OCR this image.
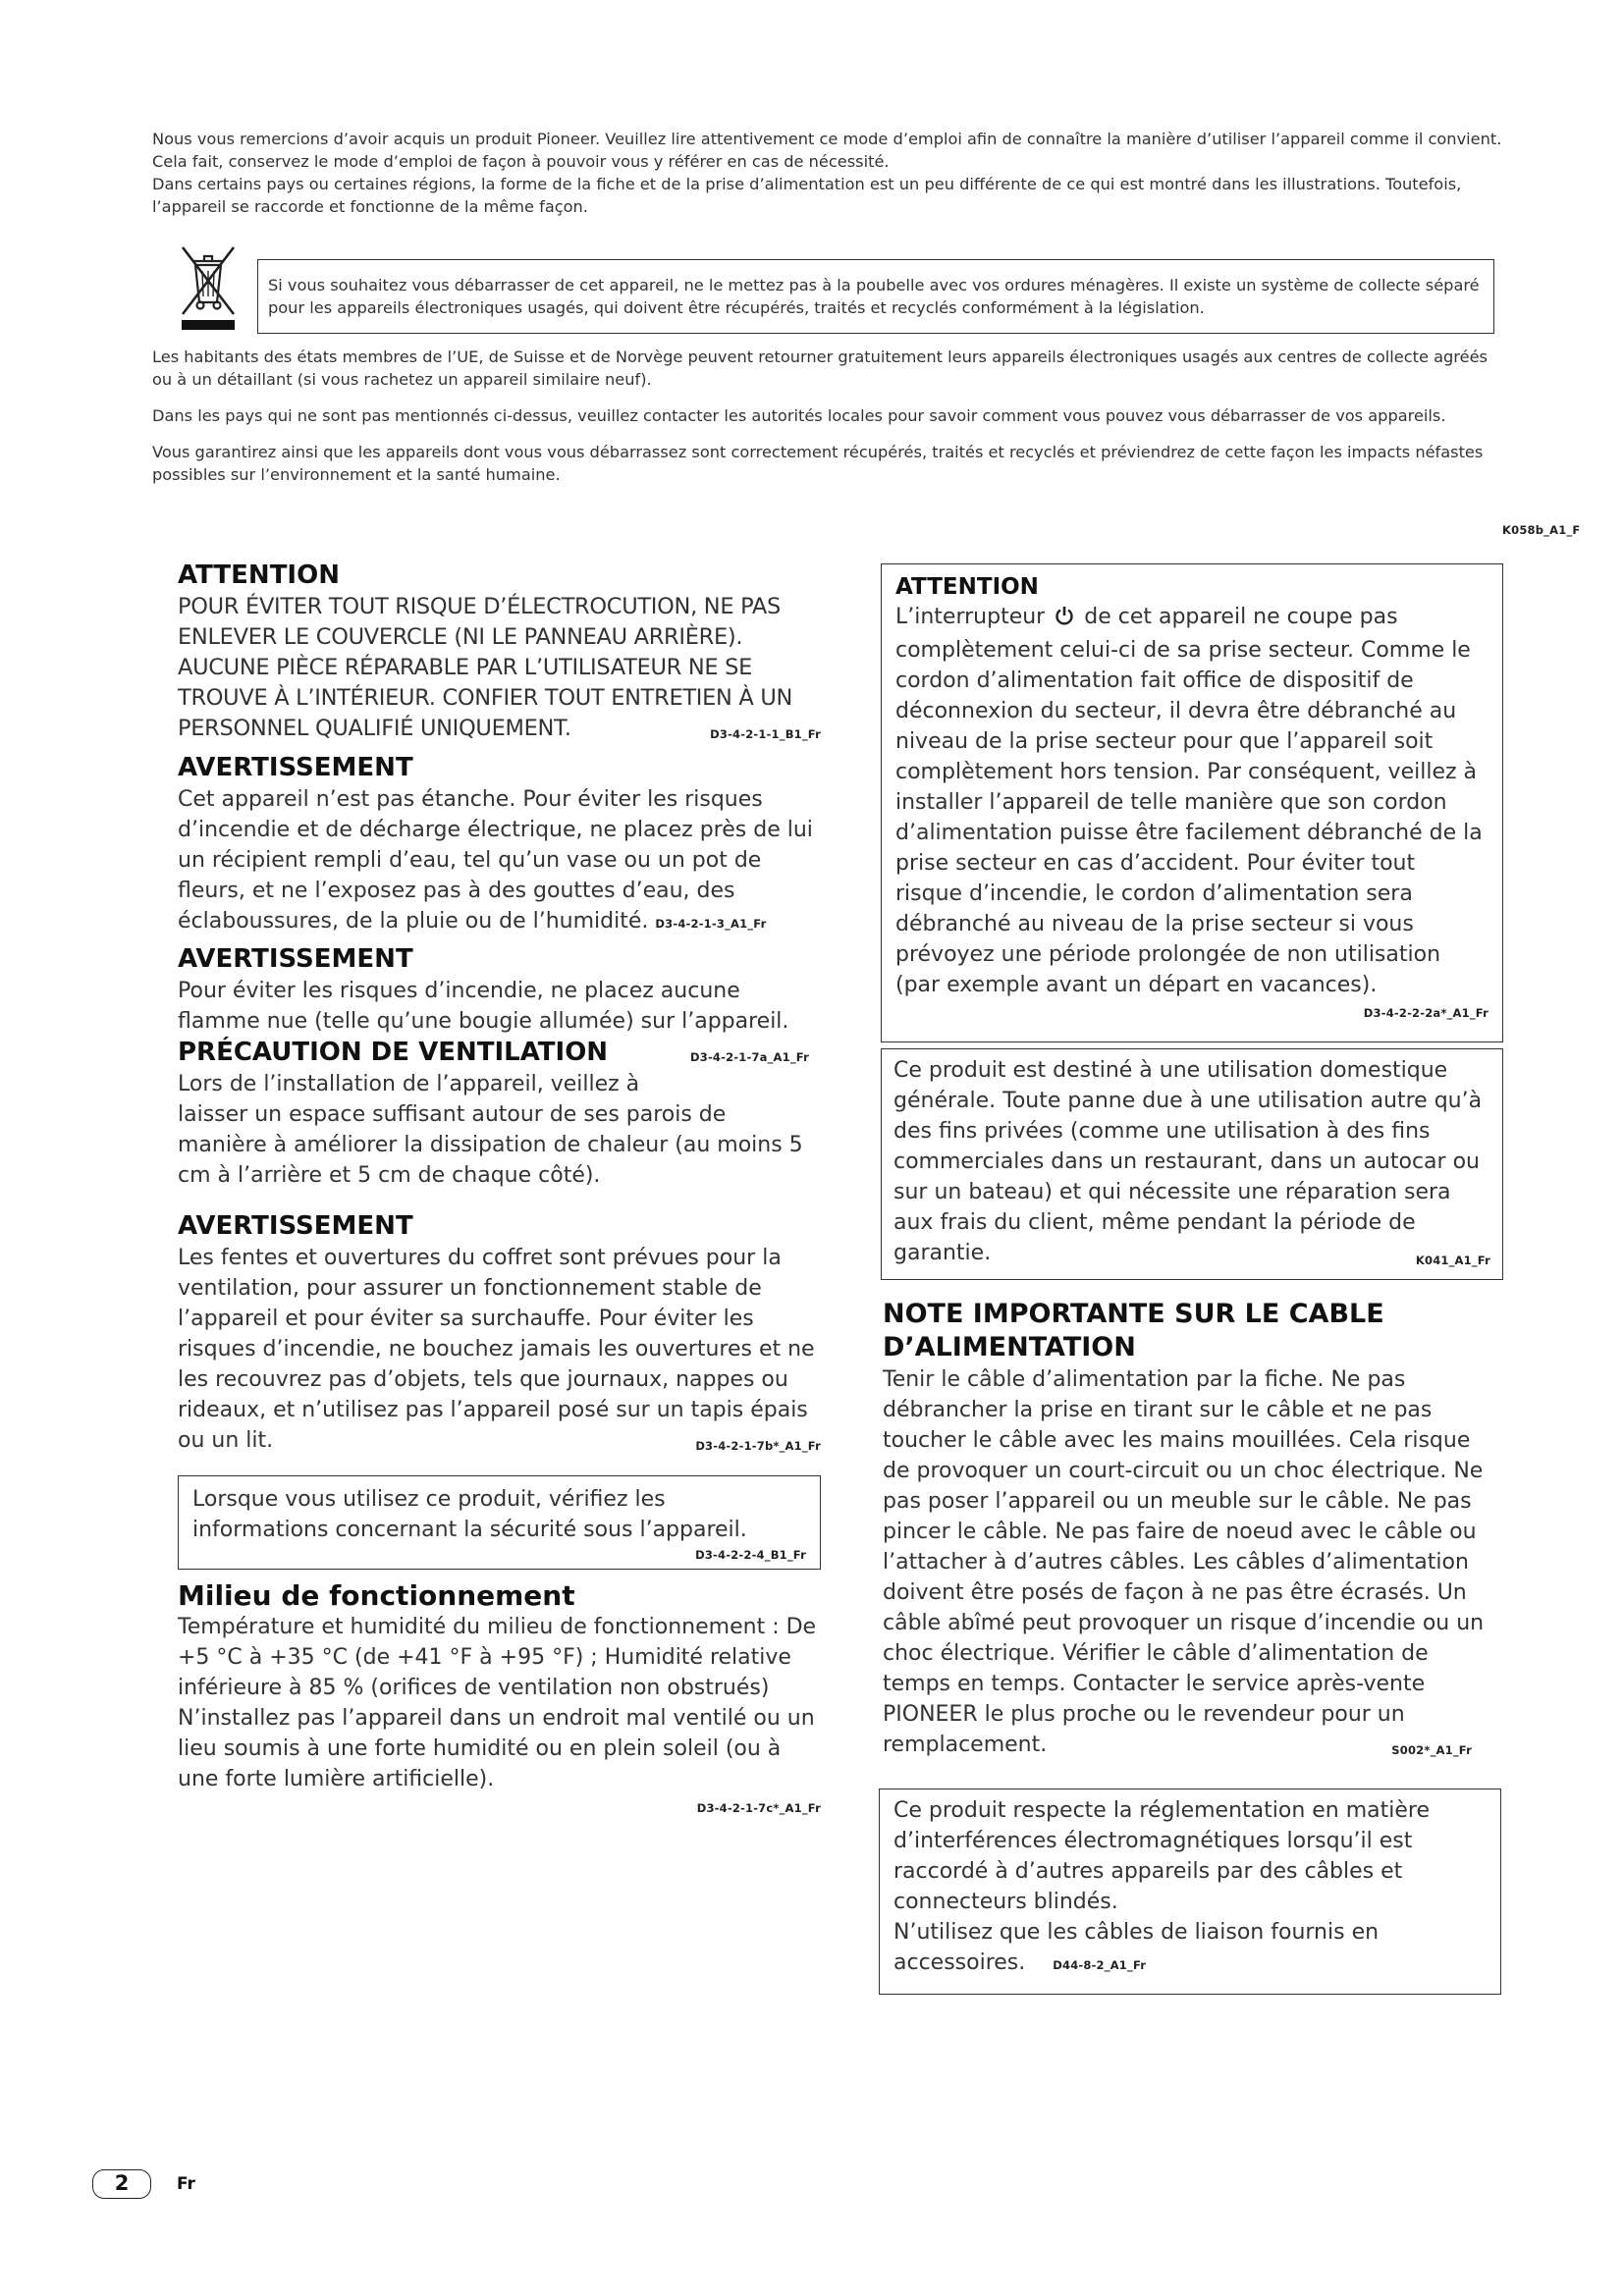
Nous vous remercions d’avoir acquis un produit Pioneer. Veuillez lire attentivement ce mode d’emploi afin de connaître la manière d’utiliser l’appareil comme il convient. Cela fait, conservez le mode d’emploi de façon à pouvoir vous y référer en cas de nécessité.

Dans certains pays ou certaines régions, la forme de la fiche et de la prise d’alimentation est un peu différente de ce qui est montré dans les illustrations. Toutefois, l’appareil se raccorde et fonctionne de la même façon.

Si vous souhaitez vous débarrasser de cet appareil, ne le mettez pas à la poubelle avec vos ordures ménagères. Il existe un système de collecte séparé pour les appareils électroniques usagés, qui doivent être récupérés, traités et recyclés conformément à la législation.

Les habitants des états membres de l’UE, de Suisse et de Norvège peuvent retourner gratuitement leurs appareils électroniques usagés aux centres de collecte agréés ou à un détaillant (si vous rachetez un appareil similaire neuf).

Dans les pays qui ne sont pas mentionnés ci-dessus, veuillez contacter les autorités locales pour savoir comment vous pouvez vous débarrasser de vos appareils.

Vous garantirez ainsi que les appareils dont vous vous débarrassez sont correctement récupérés, traités et recyclés et préviendrez de cette façon les impacts néfastes possibles sur l’environnement et la santé humaine.

K058b_A1_F
ATTENTION

POUR ÉVITER TOUT RISQUE D’ÉLECTROCUTION, NE PAS ENLEVER LE COUVERCLE (NI LE PANNEAU ARRIÈRE). AUCUNE PIÈCE RÉPARABLE PAR L’UTILISATEUR NE SE TROUVE À L’INTÉRIEUR. CONFIER TOUT ENTRETIEN À UN PERSONNEL QUALIFIÉ UNIQUEMENT.	D3-4-2-1-1_B1_Fr

AVERTISSEMENT

Cet appareil n’est pas étanche. Pour éviter les risques d’incendie et de décharge électrique, ne placez près de lui un récipient rempli d’eau, tel qu’un vase ou un pot de fleurs, et ne l’exposez pas à des gouttes d’eau, des éclaboussures, de la pluie ou de l’humidité. D3-4-2-1-3_A1_Fr

AVERTISSEMENT

Pour éviter les risques d’incendie, ne placez aucune flamme nue (telle qu’une bougie allumée) sur l’appareil.
D3-4-2-1-7a_A1_Fr

PRÉCAUTION DE VENTILATION

Lors de l’installation de l’appareil, veillez à laisser un espace suffisant autour de ses parois de manière à améliorer la dissipation de chaleur (au moins 5 cm à l’arrière et 5 cm de chaque côté).

AVERTISSEMENT

Les fentes et ouvertures du coffret sont prévues pour la ventilation, pour assurer un fonctionnement stable de l’appareil et pour éviter sa surchauffe. Pour éviter les risques d’incendie, ne bouchez jamais les ouvertures et ne les recouvrez pas d’objets, tels que journaux, nappes ou rideaux, et n’utilisez pas l’appareil posé sur un tapis épais ou un lit.	D3-4-2-1-7b*_A1_Fr

Lorsque vous utilisez ce produit, vérifiez les informations concernant la sécurité sous l’appareil.

D3-4-2-2-4_B1_Fr
Milieu de fonctionnement

Température et humidité du milieu de fonctionnement : De +5 °C à +35 °C (de +41 °F à +95 °F) ; Humidité relative inférieure à 85 % (orifices de ventilation non obstrués)

N’installez pas l’appareil dans un endroit mal ventilé ou un lieu soumis à une forte humidité ou en plein soleil (ou à une forte lumière artificielle).

D3-4-2-1-7c*_A1_Fr
ATTENTION

L’interrupteur de cet appareil ne coupe pas complètement celui-ci de sa prise secteur. Comme le cordon d’alimentation fait office de dispositif de déconnexion du secteur, il devra être débranché au niveau de la prise secteur pour que l’appareil soit complètement hors tension. Par conséquent, veillez à installer l’appareil de telle manière que son cordon d’alimentation puisse être facilement débranché de la prise secteur en cas d’accident. Pour éviter tout risque d’incendie, le cordon d’alimentation sera débranché au niveau de la prise secteur si vous prévoyez une période prolongée de non utilisation (par exemple avant un départ en vacances).

D3-4-2-2-2a*_A1_Fr

Ce produit est destiné à une utilisation domestique générale. Toute panne due à une utilisation autre qu’à des fins privées (comme une utilisation à des fins commerciales dans un restaurant, dans un autocar ou sur un bateau) et qui nécessite une réparation sera aux frais du client, même pendant la période de garantie.	K041_A1_Fr

NOTE IMPORTANTE SUR LE CABLE
D’ALIMENTATION

Tenir le câble d’alimentation par la fiche. Ne pas débrancher la prise en tirant sur le câble et ne pas toucher le câble avec les mains mouillées. Cela risque de provoquer un court-circuit ou un choc électrique. Ne pas poser l’appareil ou un meuble sur le câble. Ne pas pincer le câble. Ne pas faire de noeud avec le câble ou l’attacher à d’autres câbles. Les câbles d’alimentation doivent être posés de façon à ne pas être écrasés. Un câble abîmé peut provoquer un risque d’incendie ou un choc électrique. Vérifier le câble d’alimentation de temps en temps. Contacter le service après-vente PIONEER le plus proche ou le revendeur pour un remplacement.	S002*_A1_Fr

Ce produit respecte la réglementation en matière d’interférences électromagnétiques lorsqu’il est raccordé à d’autres appareils par des câbles et connecteurs blindés.

N’utilisez que les câbles de liaison fournis en accessoires. D44-8-2_A1_Fr

2	Fr
